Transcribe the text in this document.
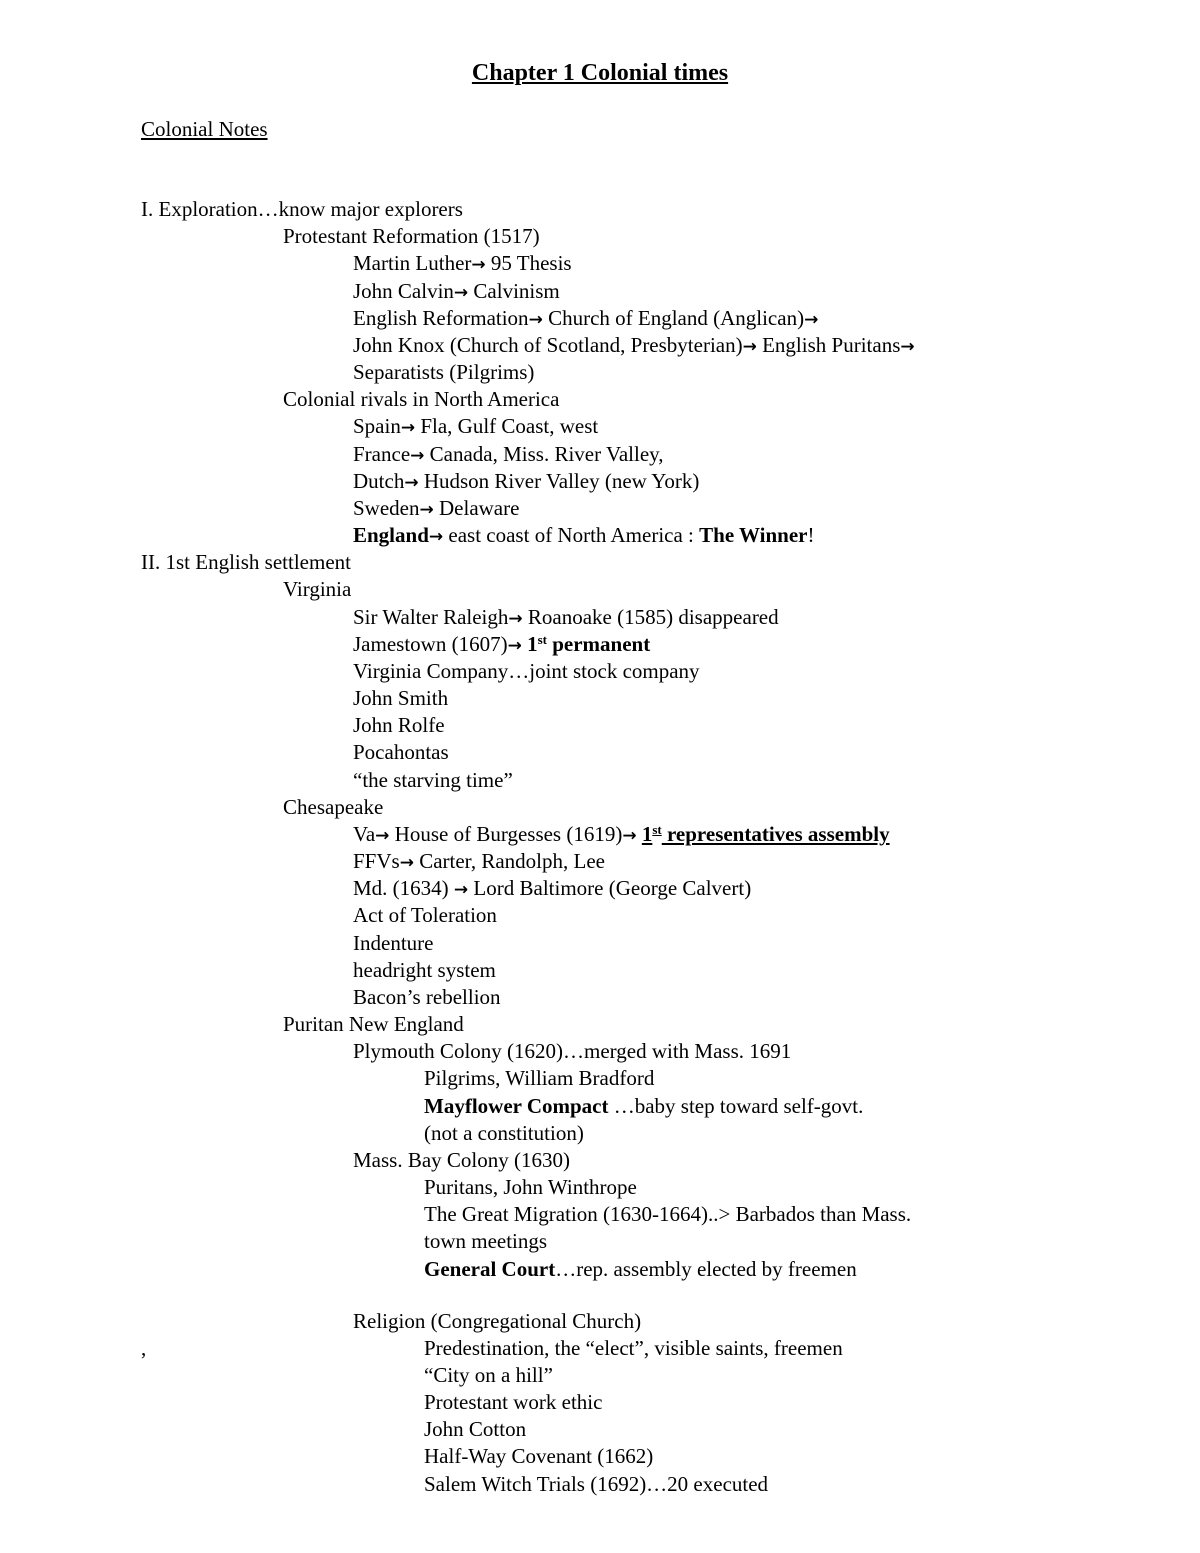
Chapter 1 Colonial times
Colonial Notes
,
I. Exploration…know major explorers
Protestant Reformation (1517)
Martin Luther→ 95 Thesis
John Calvin→ Calvinism
English Reformation→ Church of England (Anglican)→
John Knox (Church of Scotland, Presbyterian)→ English Puritans→
Separatists (Pilgrims)
Colonial rivals in North America
Spain→ Fla, Gulf Coast, west
France→ Canada, Miss. River Valley,
Dutch→ Hudson River Valley (new York)
Sweden→ Delaware
England→ east coast of North America : The Winner!
II. 1st English settlement
Virginia
Sir Walter Raleigh→ Roanoake (1585) disappeared
Jamestown (1607)→ 1st permanent
Virginia Company…joint stock company
John Smith
John Rolfe
Pocahontas
“the starving time”
Chesapeake
Va→ House of Burgesses (1619)→ 1st representatives assembly
FFVs→ Carter, Randolph, Lee
Md. (1634) → Lord Baltimore (George Calvert)
Act of Toleration
Indenture
headright system
Bacon’s rebellion
Puritan New England
Plymouth Colony (1620)…merged with Mass. 1691
Pilgrims, William Bradford
Mayflower Compact …baby step toward self-govt.
(not a constitution)
Mass. Bay Colony (1630)
Puritans, John Winthrope
The Great Migration (1630-1664)..> Barbados than Mass.
town meetings
General Court…rep. assembly elected by freemen
Religion (Congregational Church)
Predestination, the “elect”, visible saints, freemen
“City on a hill”
Protestant work ethic
John Cotton
Half-Way Covenant (1662)
Salem Witch Trials (1692)…20 executed
